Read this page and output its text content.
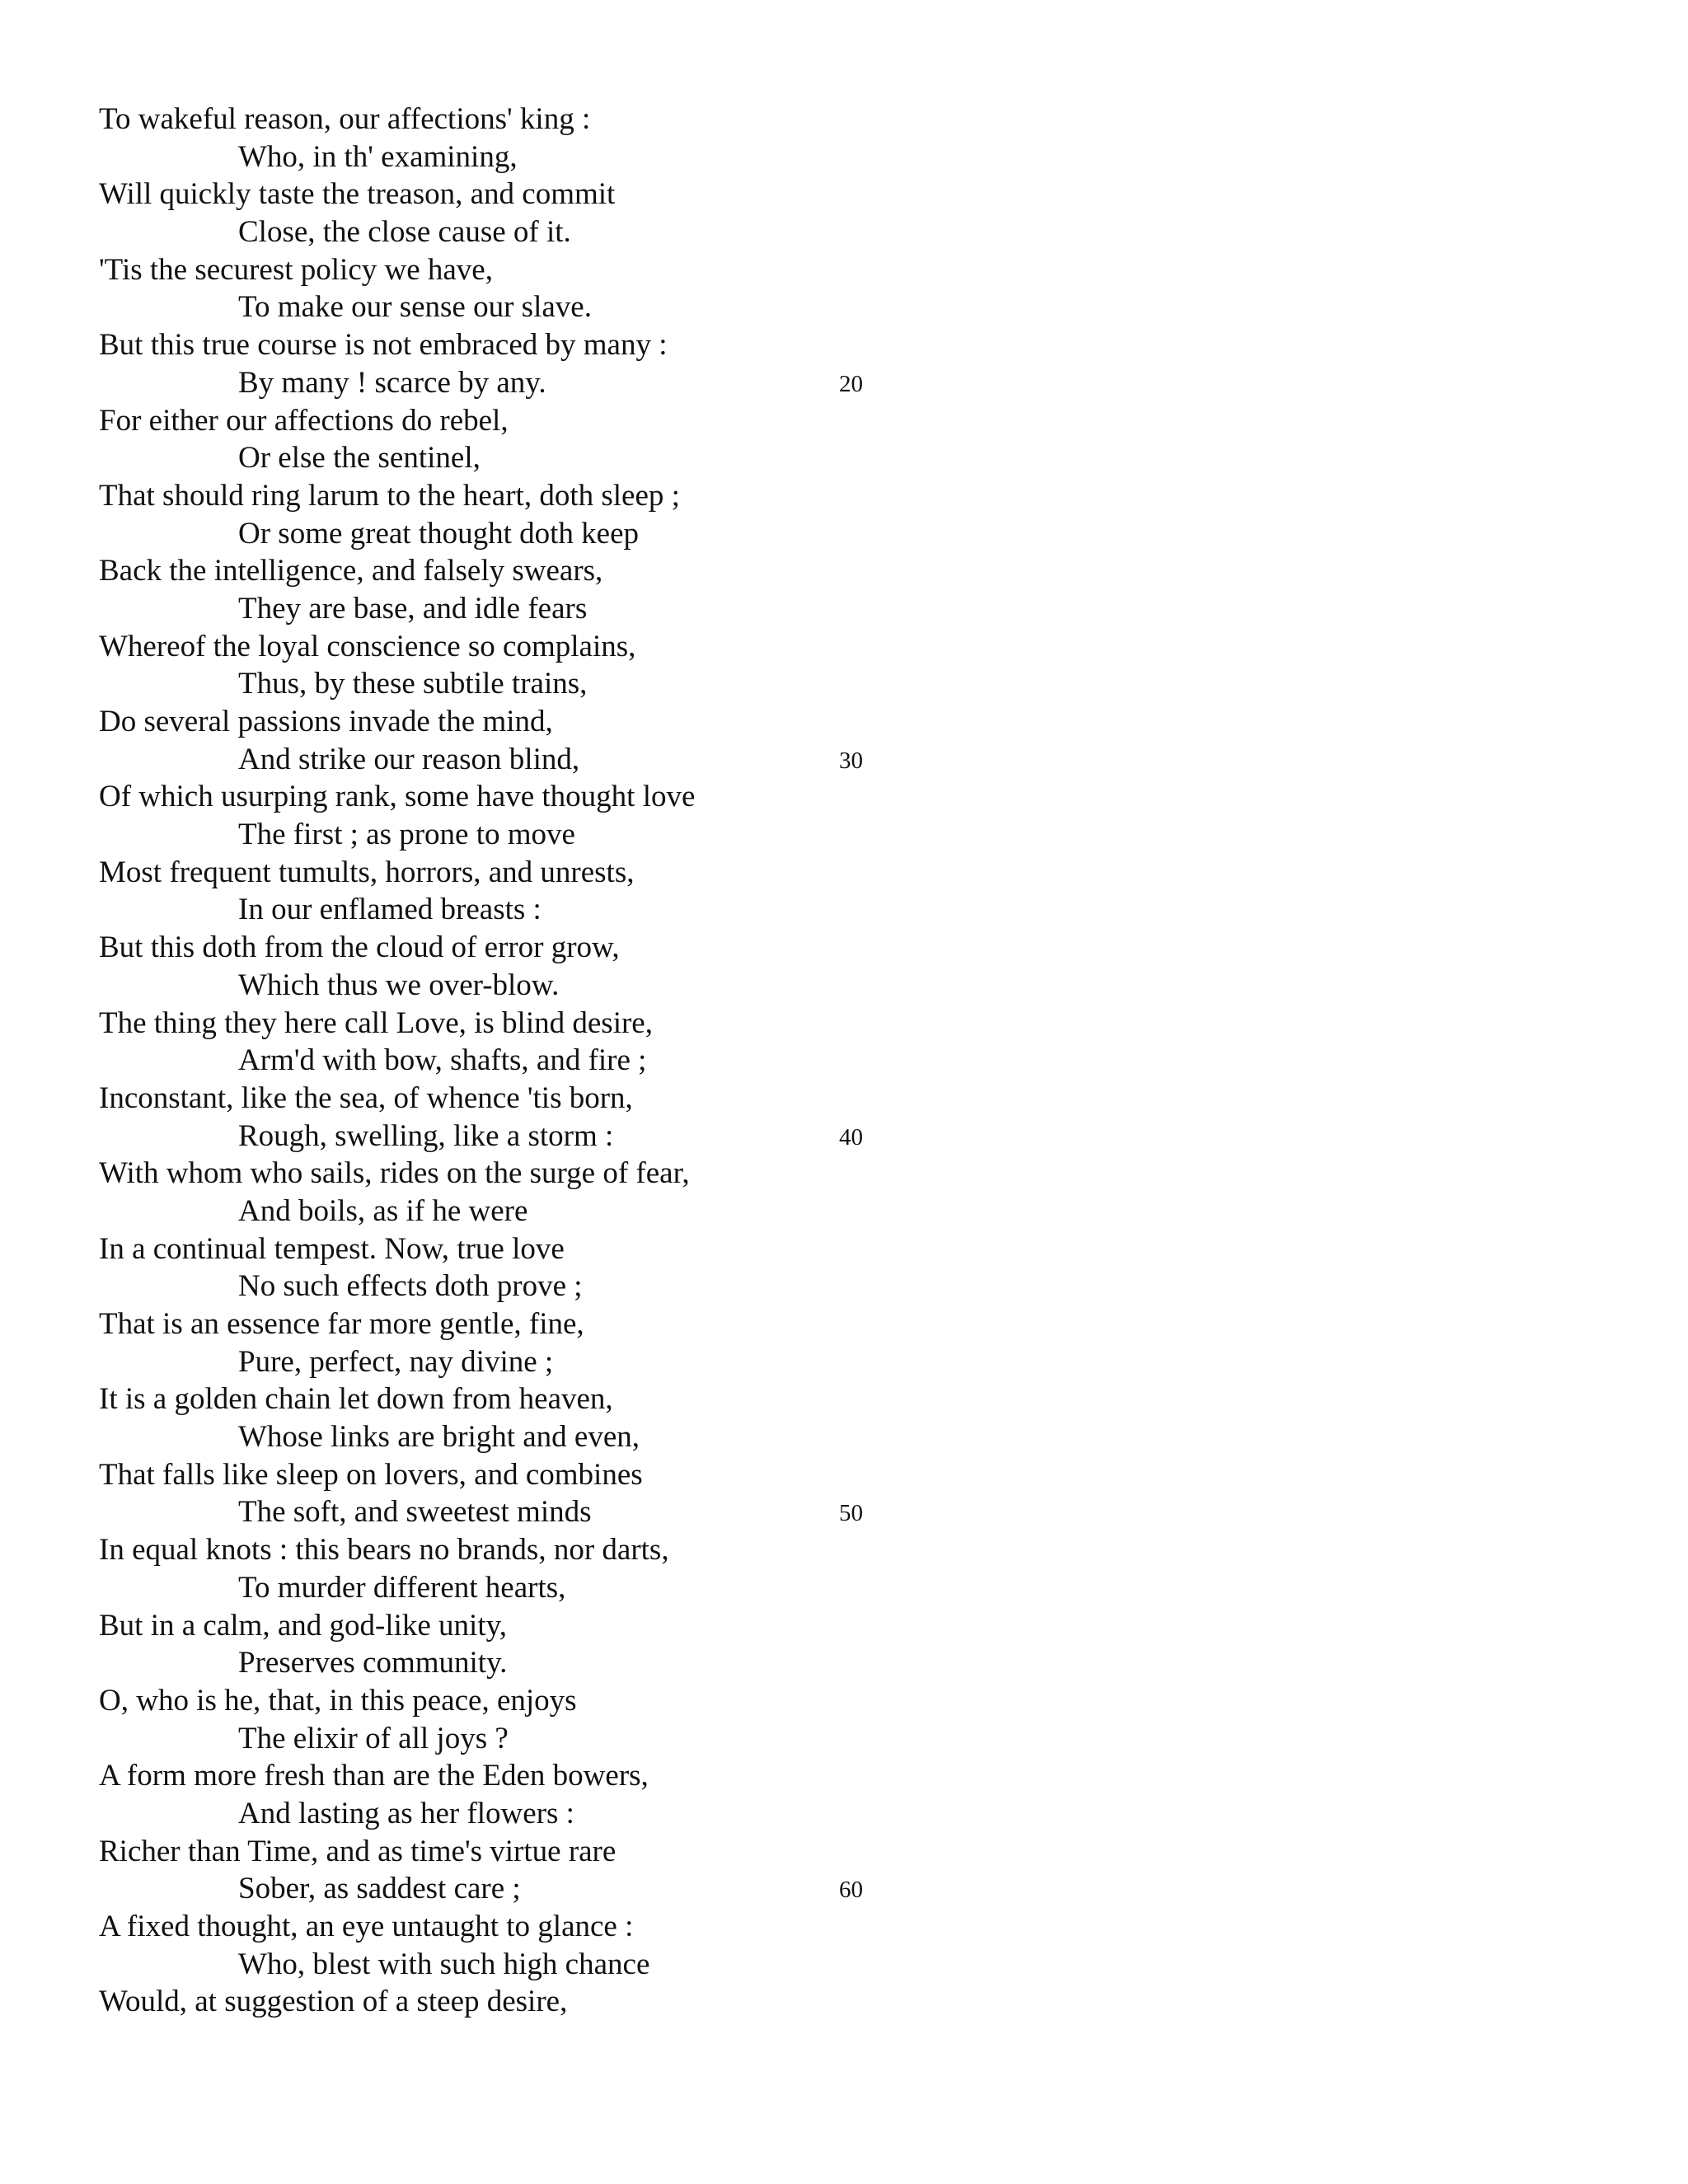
To wakeful reason, our affections' king :
Who, in th' examining,
Will quickly taste the treason, and commit
Close, the close cause of it.
'Tis the securest policy we have,
To make our sense our slave.
But this true course is not embraced by many :
By many ! scarce by any.	20
For either our affections do rebel,
Or else the sentinel,
That should ring larum to the heart, doth sleep ;
Or some great thought doth keep
Back the intelligence, and falsely swears,
They are base, and idle fears
Whereof the loyal conscience so complains,
Thus, by these subtile trains,
Do several passions invade the mind,
And strike our reason blind,	30
Of which usurping rank, some have thought love
The first ; as prone to move
Most frequent tumults, horrors, and unrests,
In our enflamed breasts :
But this doth from the cloud of error grow,
Which thus we over-blow.
The thing they here call Love, is blind desire,
Arm'd with bow, shafts, and fire ;
Inconstant, like the sea, of whence 'tis born,
Rough, swelling, like a storm :	40
With whom who sails, rides on the surge of fear,
And boils, as if he were
In a continual tempest. Now, true love
No such effects doth prove ;
That is an essence far more gentle, fine,
Pure, perfect, nay divine ;
It is a golden chain let down from heaven,
Whose links are bright and even,
That falls like sleep on lovers, and combines
The soft, and sweetest minds	50
In equal knots : this bears no brands, nor darts,
To murder different hearts,
But in a calm, and god-like unity,
Preserves community.
O, who is he, that, in this peace, enjoys
The elixir of all joys ?
A form more fresh than are the Eden bowers,
And lasting as her flowers :
Richer than Time, and as time's virtue rare
Sober, as saddest care ;	60
A fixed thought, an eye untaught to glance :
Who, blest with such high chance
Would, at suggestion of a steep desire,
